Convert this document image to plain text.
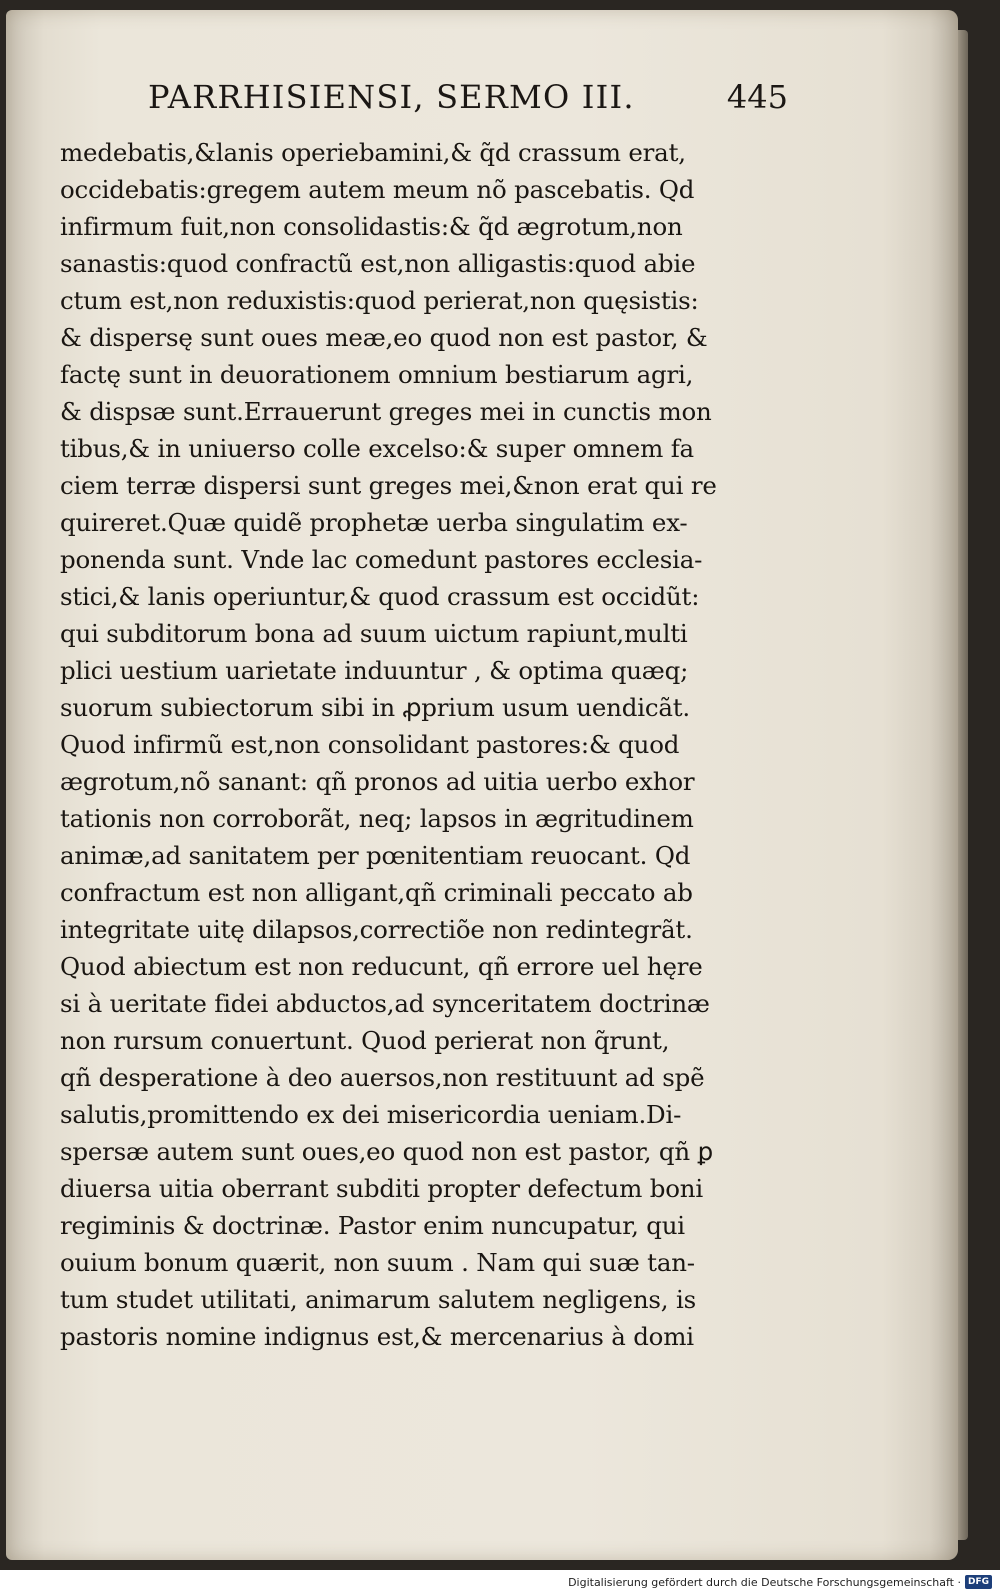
PARRHISIENSI, SERMO III.	445
medebatis,&lanis operiebamini,& q̃d crassum erat,
occidebatis:gregem autem meum nõ pascebatis. Qd
infirmum fuit,non consolidastis:& q̃d ægrotum,non
sanastis:quod confractũ est,non alligastis:quod abie
ctum est,non reduxistis:quod perierat,non quęsistis:
& dispersę sunt oues meæ,eo quod non est pastor, &
factę sunt in deuorationem omnium bestiarum agri,
& dispsæ sunt.Errauerunt greges mei in cunctis mon
tibus,& in uniuerso colle excelso:& super omnem fa
ciem terræ dispersi sunt greges mei,&non erat qui re
quireret.Quæ quidẽ prophetæ uerba singulatim ex-
ponenda sunt. Vnde lac comedunt pastores ecclesia-
stici,& lanis operiuntur,& quod crassum est occidũt:
qui subditorum bona ad suum uictum rapiunt,multi
plici uestium uarietate induuntur , & optima quæq;
suorum subiectorum sibi in ꝓprium usum uendicãt.
Quod infirmũ est,non consolidant pastores:& quod
ægrotum,nõ sanant: qñ pronos ad uitia uerbo exhor
tationis non corroborãt, neq; lapsos in ægritudinem
animæ,ad sanitatem per pœnitentiam reuocant. Qd
confractum est non alligant,qñ criminali peccato ab
integritate uitę dilapsos,correctiõe non redintegrãt.
Quod abiectum est non reducunt, qñ errore uel hęre
si à ueritate fidei abductos,ad synceritatem doctrinæ
non rursum conuertunt. Quod perierat non q̃runt,
qñ desperatione à deo auersos,non restituunt ad spẽ
salutis,promittendo ex dei misericordia ueniam.Di-
spersæ autem sunt oues,eo quod non est pastor, qñ ꝑ
diuersa uitia oberrant subditi propter defectum boni
regiminis & doctrinæ. Pastor enim nuncupatur, qui
ouium bonum quærit, non suum . Nam qui suæ tan-
tum studet utilitati, animarum salutem negligens, is
pastoris nomine indignus est,& mercenarius à domi
Digitalisierung gefördert durch die Deutsche Forschungsgemeinschaft · DFG
